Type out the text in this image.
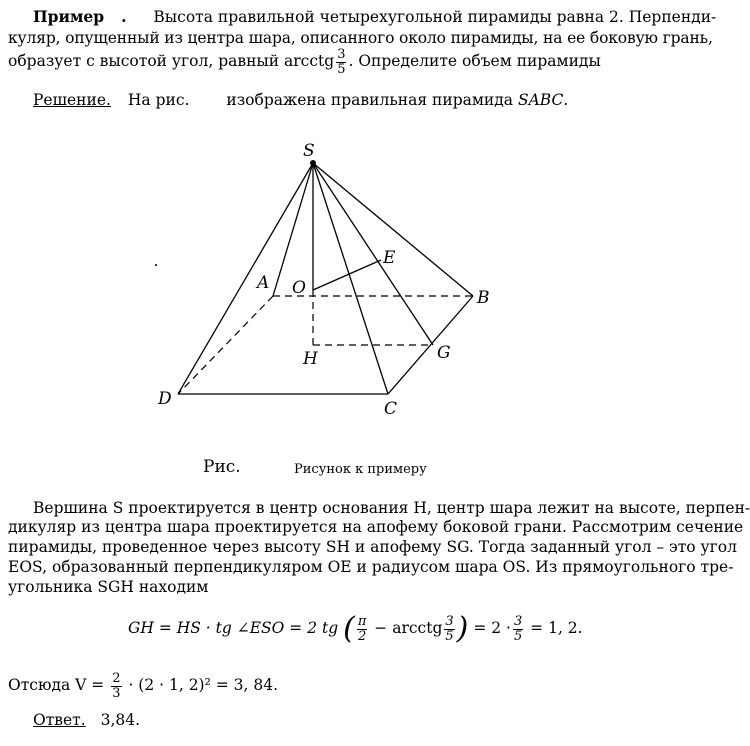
Пример . Высота правильной четырехугольной пирамиды равна 2. Перпенди-
куляр, опущенный из центра шара, описанного около пирамиды, на ее боковую грань,
образует с высотой угол, равный arcctg $\frac{3}{5}$ . Определите объем пирамиды
Решение. На рис. изображена правильная пирамида SABC.
S
A
B
C
D
O
E
G
H
Рис.	Рисунок к примеру
Вершина S проектируется в центр основания H, центр шара лежит на высоте, перпен-
дикуляр из центра шара проектируется на апофему боковой грани. Рассмотрим сечение
пирамиды, проведенное через высоту SH и апофему SG. Тогда заданный угол – это угол
EOS, образованный перпендикуляром OE и радиусом шара OS. Из прямоугольного тре-
угольника SGH находим
GH = HS · tg ∠ESO = 2 tg ( $\frac{\pi}{2}$ − arcctg $\frac{3}{5}$ ) = $2 \cdot \frac{3}{5} = 1$, 2.
Отсюда $V = \frac{2}{3} \cdot (2 \cdot 1$, 2)² = 3, 84.
Ответ. 3,84.
